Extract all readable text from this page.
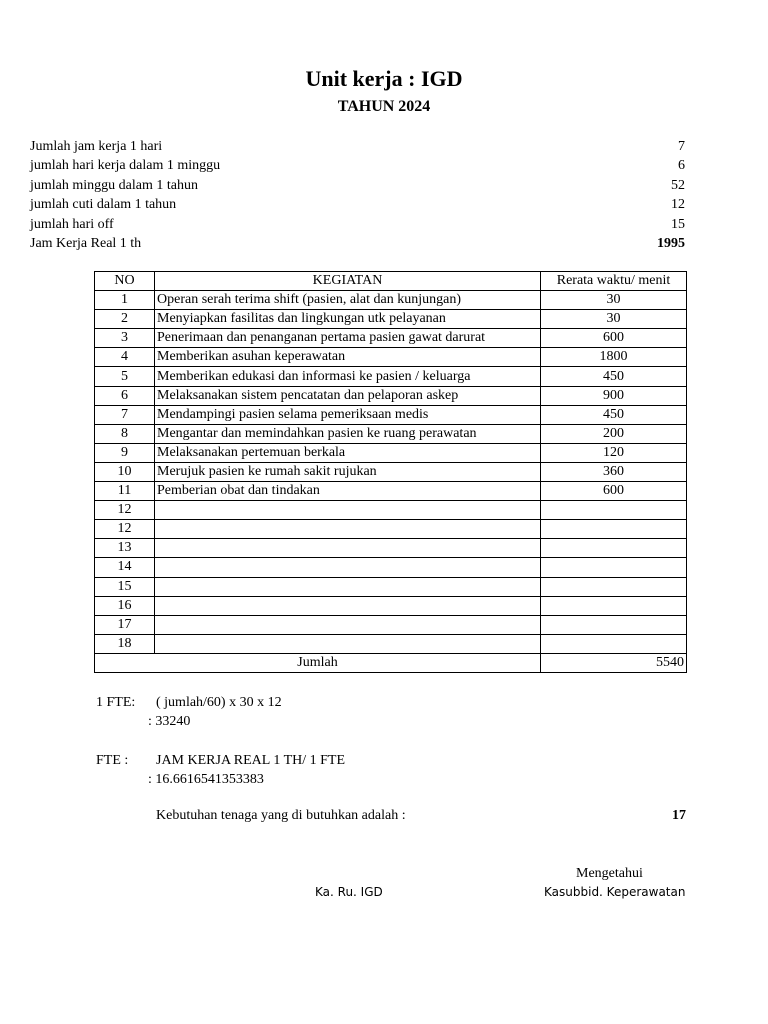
Unit kerja : IGD
TAHUN 2024
Jumlah jam kerja 1 hari	7
jumlah hari kerja dalam 1 minggu	6
jumlah minggu dalam 1 tahun	52
jumlah cuti dalam 1 tahun	12
jumlah hari off	15
Jam Kerja Real 1 th	1995
NO	KEGIATAN	Rerata waktu/ menit
1	Operan serah terima shift (pasien, alat dan kunjungan)	30
2	Menyiapkan fasilitas dan lingkungan utk pelayanan	30
3	Penerimaan dan penanganan pertama pasien gawat darurat	600
4	Memberikan asuhan keperawatan	1800
5	Memberikan edukasi dan informasi ke pasien / keluarga	450
6	Melaksanakan sistem pencatatan dan pelaporan askep	900
7	Mendampingi pasien selama pemeriksaan medis	450
8	Mengantar dan memindahkan pasien ke ruang perawatan	200
9	Melaksanakan pertemuan berkala	120
10	Merujuk pasien ke rumah sakit rujukan	360
11	Pemberian obat dan tindakan	600
12		
12		
13		
14		
15		
16		
17		
18		
Jumlah		5540
1 FTE: ( jumlah/60) x 30 x 12
: 33240
FTE : JAM KERJA REAL 1 TH/ 1 FTE
: 16.6616541353383
Kebutuhan tenaga yang di butuhkan adalah :	17
Mengetahui
Ka. Ru. IGD	Kasubbid. Keperawatan
